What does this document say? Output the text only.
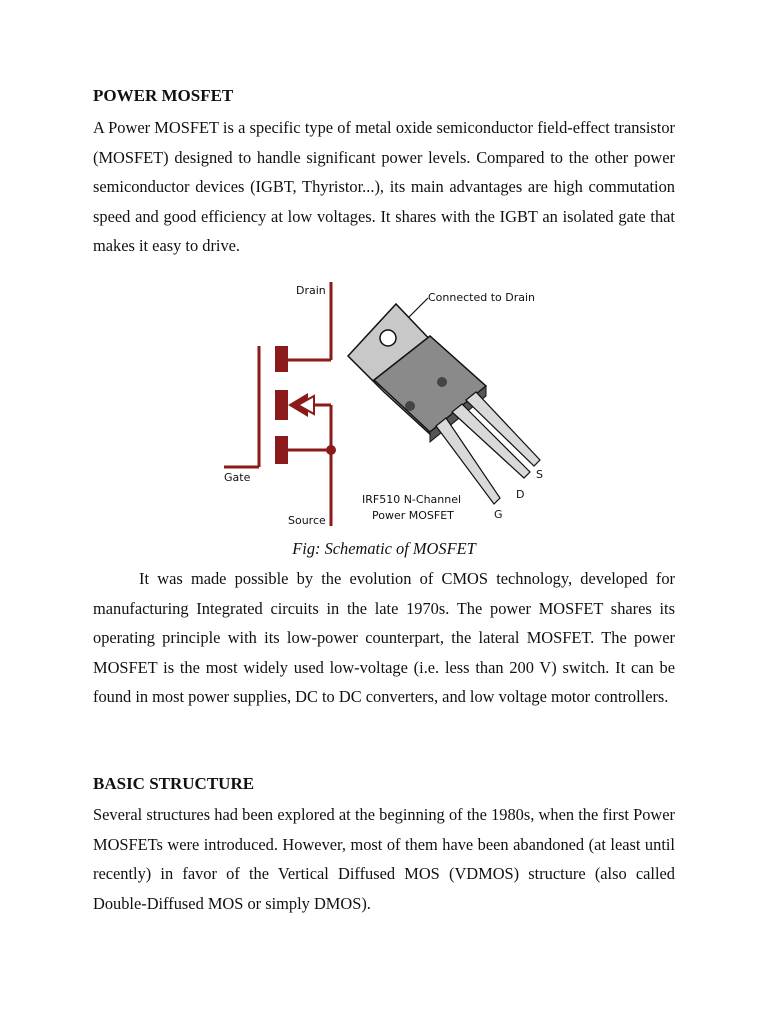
POWER MOSFET

A Power MOSFET is a specific type of metal oxide semiconductor field-effect transistor (MOSFET) designed to handle significant power levels. Compared to the other power semiconductor devices (IGBT, Thyristor...), its main advantages are high commutation speed and good efficiency at low voltages. It shares with the IGBT an isolated gate that makes it easy to drive.

Drain
Gate
Source
Connected to Drain
IRF510 N-Channel
Power MOSFET
S
D
G

Fig: Schematic of MOSFET

It was made possible by the evolution of CMOS technology, developed for manufacturing Integrated circuits in the late 1970s. The power MOSFET shares its operating principle with its low-power counterpart, the lateral MOSFET. The power MOSFET is the most widely used low-voltage (i.e. less than 200 V) switch. It can be found in most power supplies, DC to DC converters, and low voltage motor controllers.

BASIC STRUCTURE

Several structures had been explored at the beginning of the 1980s, when the first Power MOSFETs were introduced. However, most of them have been abandoned (at least until recently) in favor of the Vertical Diffused MOS (VDMOS) structure (also called Double-Diffused MOS or simply DMOS).
